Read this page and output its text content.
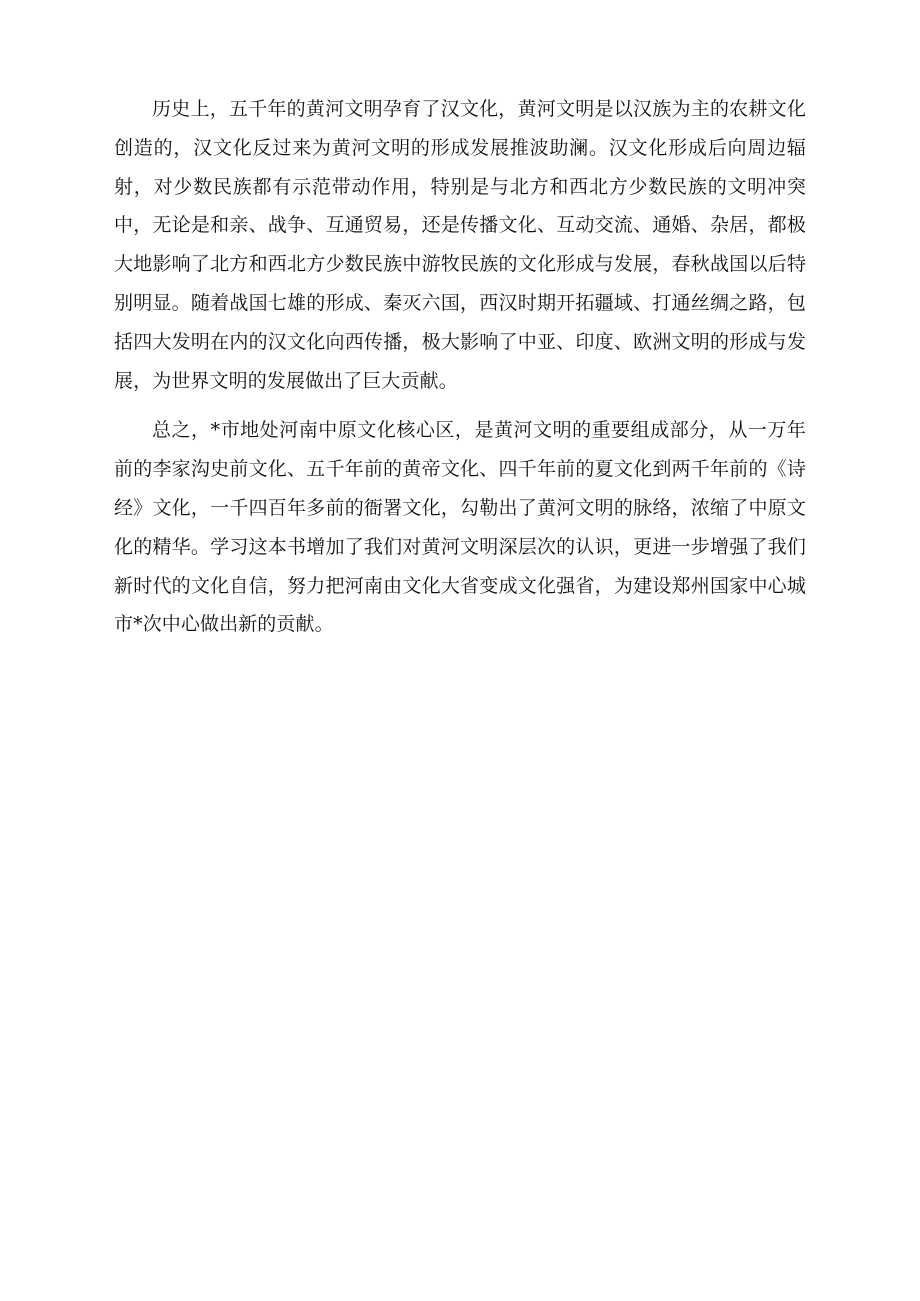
历史上，五千年的黄河文明孕育了汉文化，黄河文明是以汉族为主的农耕文化创造的，汉文化反过来为黄河文明的形成发展推波助澜。汉文化形成后向周边辐射，对少数民族都有示范带动作用，特别是与北方和西北方少数民族的文明冲突中，无论是和亲、战争、互通贸易，还是传播文化、互动交流、通婚、杂居，都极大地影响了北方和西北方少数民族中游牧民族的文化形成与发展，春秋战国以后特别明显。随着战国七雄的形成、秦灭六国，西汉时期开拓疆域、打通丝绸之路，包括四大发明在内的汉文化向西传播，极大影响了中亚、印度、欧洲文明的形成与发展，为世界文明的发展做出了巨大贡献。

总之，*市地处河南中原文化核心区，是黄河文明的重要组成部分，从一万年前的李家沟史前文化、五千年前的黄帝文化、四千年前的夏文化到两千年前的《诗经》文化，一千四百年多前的衙署文化，勾勒出了黄河文明的脉络，浓缩了中原文化的精华。学习这本书增加了我们对黄河文明深层次的认识，更进一步增强了我们新时代的文化自信，努力把河南由文化大省变成文化强省，为建设郑州国家中心城市*次中心做出新的贡献。
